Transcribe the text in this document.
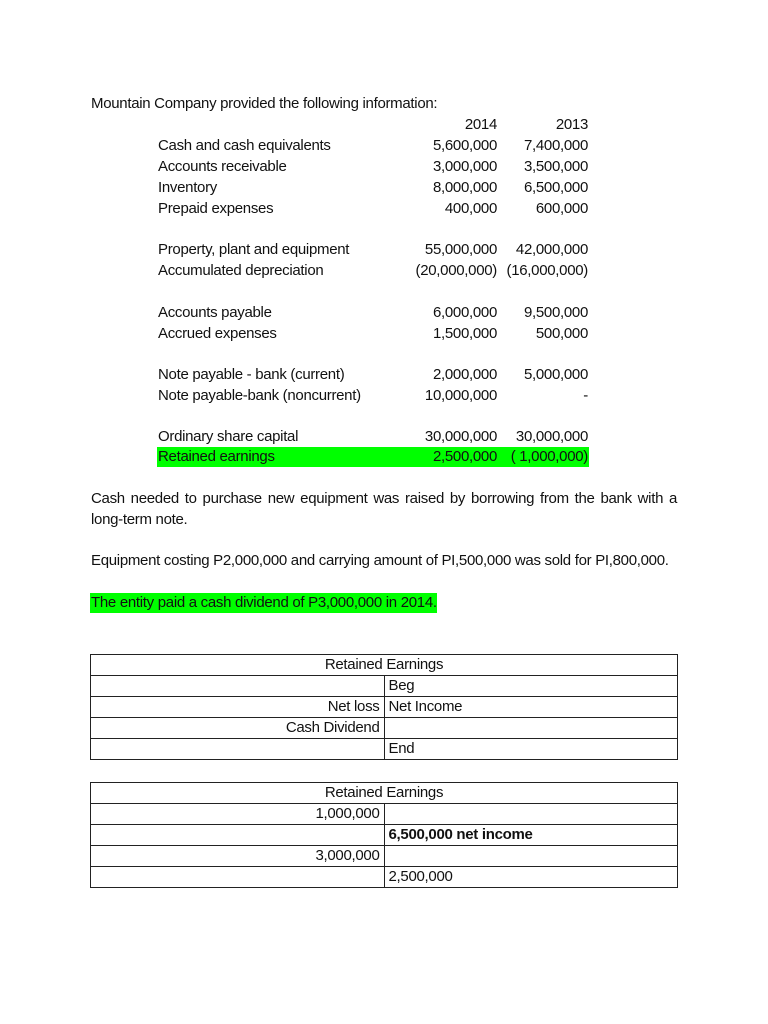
Mountain Company provided the following information:
2014	2013
Cash and cash equivalents	5,600,000	7,400,000
Accounts receivable	3,000,000	3,500,000
Inventory	8,000,000	6,500,000
Prepaid expenses	400,000	600,000
Property, plant and equipment	55,000,000	42,000,000
Accumulated depreciation	(20,000,000) (16,000,000)
Accounts payable	6,000,000	9,500,000
Accrued expenses	1,500,000	500,000
Note payable - bank (current)	2,000,000	5,000,000
Note payable-bank (noncurrent)	10,000,000	-
Ordinary share capital	30,000,000	30,000,000
Retained earnings	2,500,000 ( 1,000,000)
Cash needed to purchase new equipment was raised by borrowing from the bank with a
long-term note.
Equipment costing P2,000,000 and carrying amount of PI,500,000 was sold for PI,800,000.
The entity paid a cash dividend of P3,000,000 in 2014.
Retained Earnings	
	Beg
Net loss	Net Income
Cash Dividend	
	End
Retained Earnings	
1,000,000	
	6,500,000 net income
3,000,000	
	2,500,000
